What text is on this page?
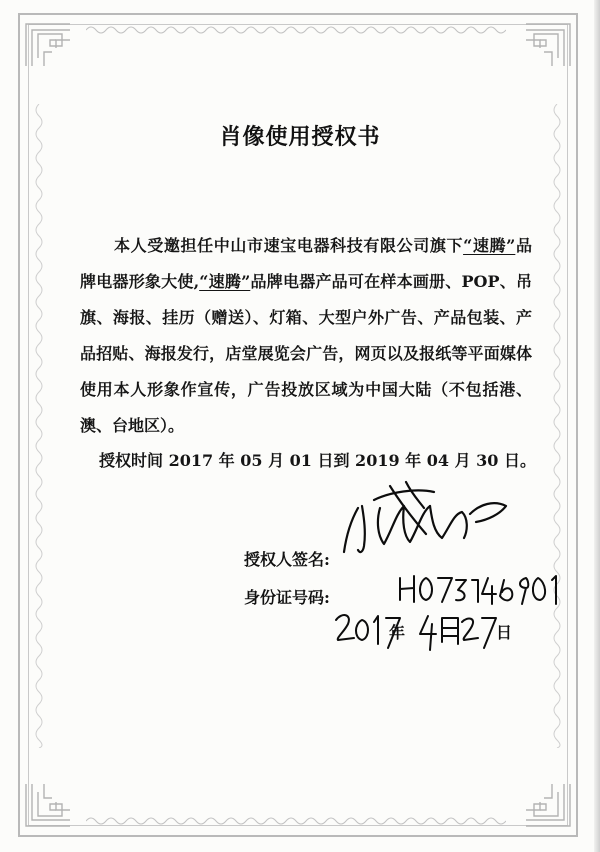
肖像使用授权书

本人受邀担任中山市速宝电器科技有限公司旗下“速腾”品牌电器形象大使,“速腾”品牌电器产品可在样本画册、POP、吊旗、海报、挂历（赠送）、灯箱、大型户外广告、产品包装、产品招贴、海报发行，店堂展览会广告，网页以及报纸等平面媒体使用本人形象作宣传，广告投放区域为中国大陆（不包括港、澳、台地区）。

授权时间 2017 年 05 月 01 日到 2019 年 04 月 30 日。
授权人签名:
身份证号码:
年	日
